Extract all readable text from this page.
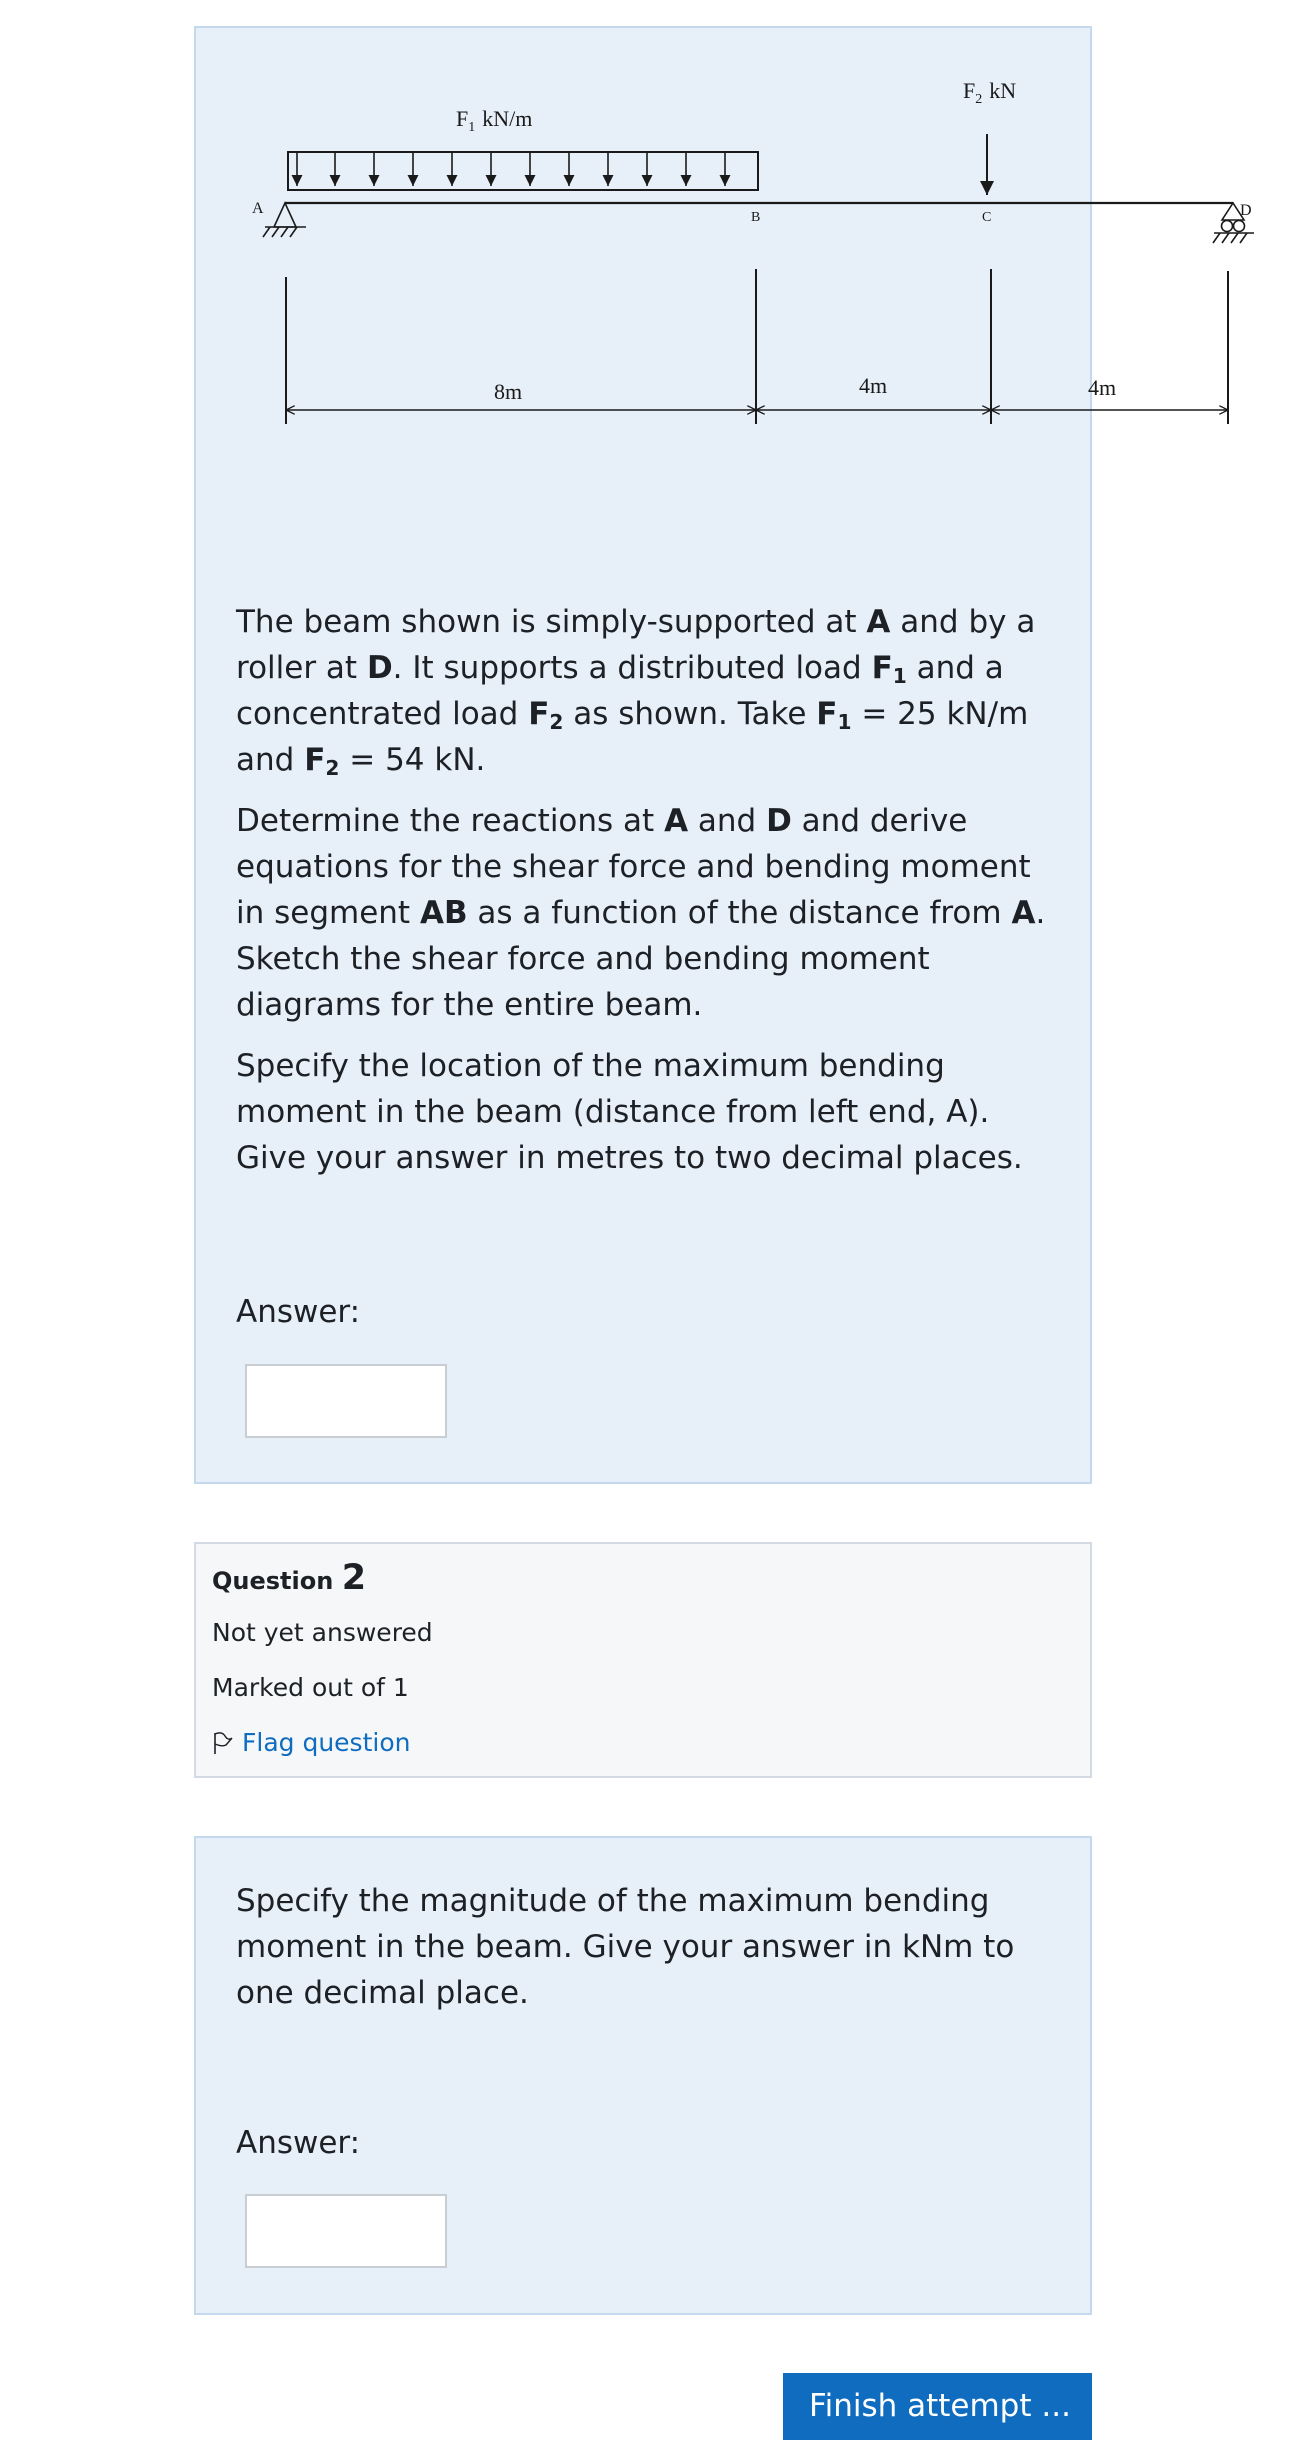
$F_1$ kN/m
$F_2$ kN
A	D
B	C
8m	4m	4m

The beam shown is simply-supported at A and by a roller at D. It supports a distributed load $F_1$ and a concentrated load $F_2$ as shown. Take $F_1 = 25$ kN/m and $F_2 = 54$ kN.

Determine the reactions at A and D and derive equations for the shear force and bending moment in segment AB as a function of the distance from A. Sketch the shear force and bending moment diagrams for the entire beam.

Specify the location of the maximum bending moment in the beam (distance from left end, A). Give your answer in metres to two decimal places.

Answer:
Question 2
Not yet answered
Marked out of 1
Flag question
Specify the magnitude of the maximum bending moment in the beam. Give your answer in kNm to one decimal place.
Answer:
Finish attempt ...
